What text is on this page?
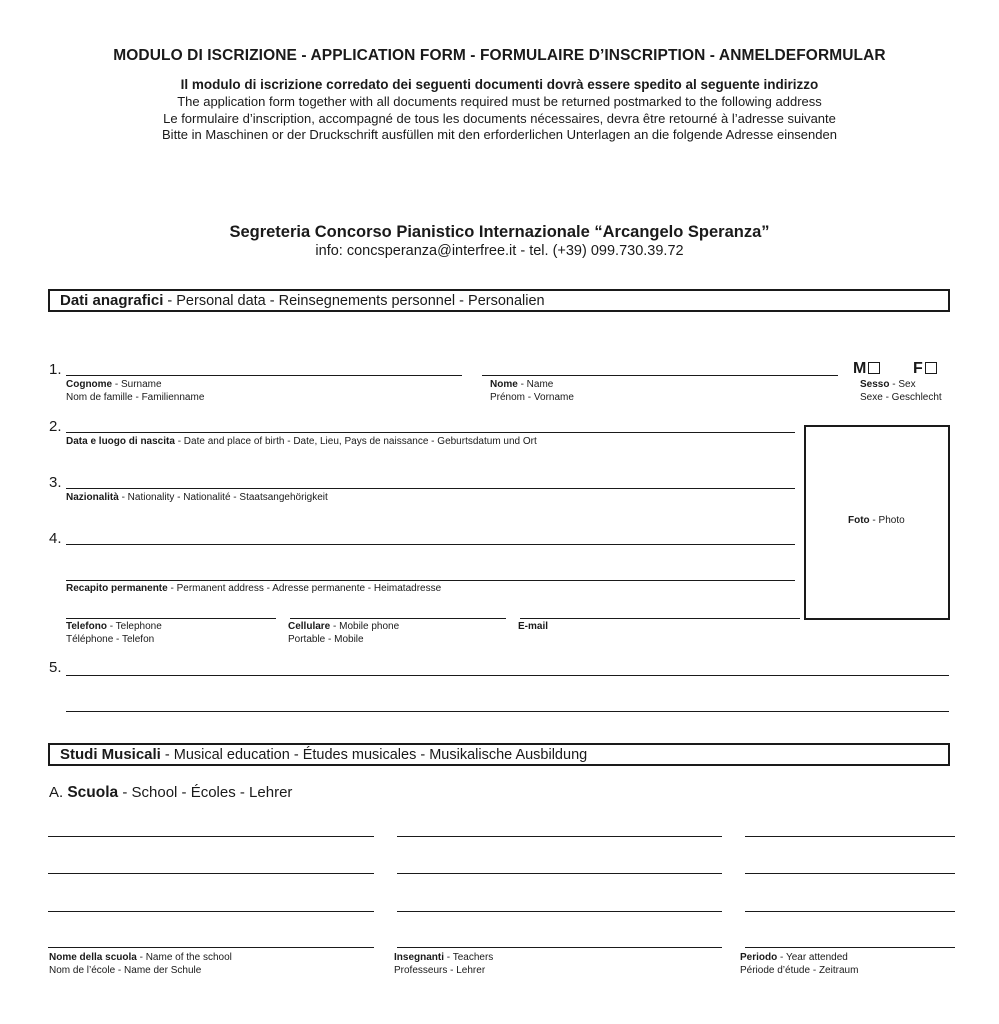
MODULO DI ISCRIZIONE - APPLICATION FORM - FORMULAIRE D’INSCRIPTION - ANMELDEFORMULAR
Il modulo di iscrizione corredato dei seguenti documenti dovrà essere spedito al seguente indirizzo
The application form together with all documents required must be returned postmarked to the following address
Le formulaire d’inscription, accompagné de tous les documents nécessaires, devra être retourné à l’adresse suivante
Bitte in Maschinen or der Druckschrift ausfüllen mit den erforderlichen Unterlagen an die folgende Adresse einsenden
Segreteria Concorso Pianistico Internazionale “Arcangelo Speranza”
info: concsperanza@interfree.it - tel. (+39) 099.730.39.72
Dati anagrafici - Personal data - Reinsegnements personnel - Personalien
1.	M	F
Cognome - Surname
Nom de famille - Familienname
Nome - Name
Prénom - Vorname
Sesso - Sex
Sexe - Geschlecht
Foto - Photo
2.
Data e luogo di nascita - Date and place of birth - Date, Lieu, Pays de naissance - Geburtsdatum und Ort
3.
Nazionalità - Nationality - Nationalité - Staatsangehörigkeit
4.
Recapito permanente - Permanent address - Adresse permanente - Heimatadresse
Telefono - Telephone
Téléphone - Telefon
Cellulare - Mobile phone
Portable - Mobile
E-mail
5.
Studi Musicali - Musical education - Études musicales - Musikalische Ausbildung
A. Scuola - School - Écoles - Lehrer
Nome della scuola - Name of the school
Nom de l’école - Name der Schule
Insegnanti - Teachers
Professeurs - Lehrer
Periodo - Year attended
Période d’étude - Zeitraum
